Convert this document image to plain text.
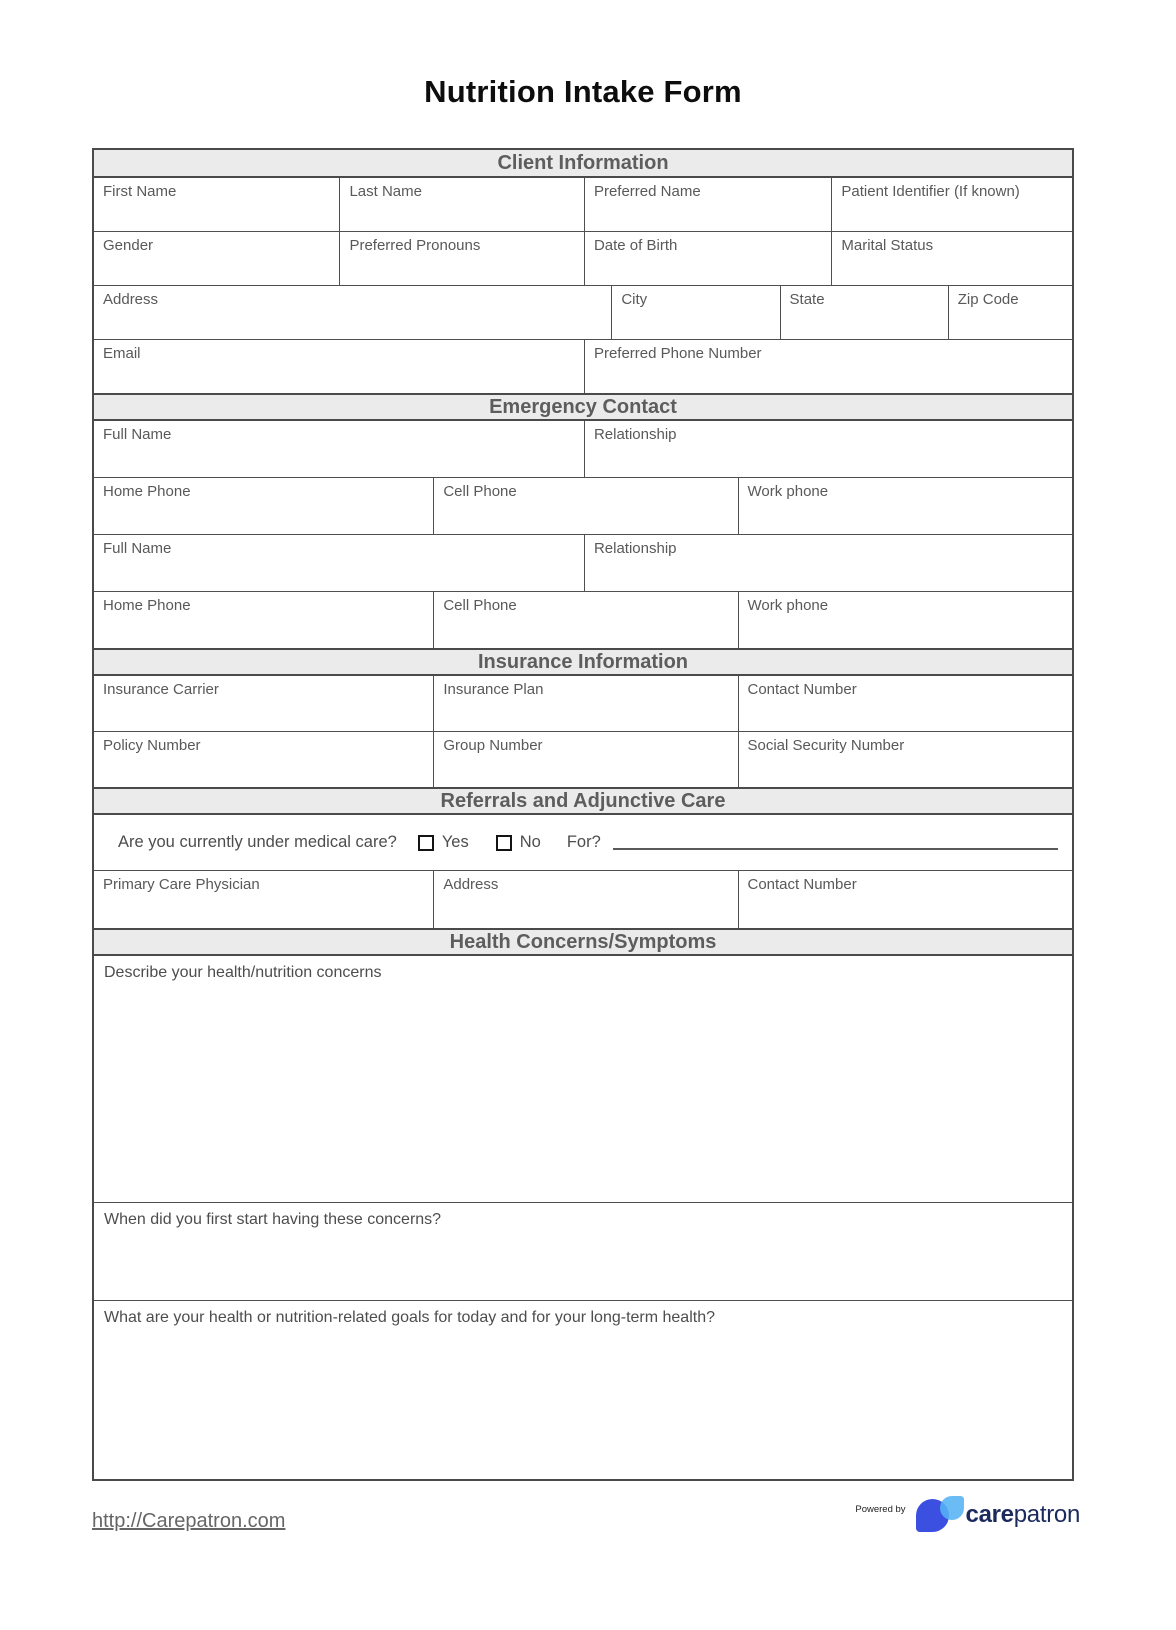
Nutrition Intake Form
Client Information
First Name	Last Name	Preferred Name	Patient Identifier (If known)
Gender	Preferred Pronouns	Date of Birth	Marital Status
Address	City	State	Zip Code
Email	Preferred Phone Number
Emergency Contact
Full Name	Relationship
Home Phone	Cell Phone	Work phone
Full Name	Relationship
Home Phone	Cell Phone	Work phone
Insurance Information
Insurance Carrier	Insurance Plan	Contact Number
Policy Number	Group Number	Social Security Number
Referrals and Adjunctive Care
Are you currently under medical care?	Yes	No For?
Primary Care Physician	Address	Contact Number
Health Concerns/Symptoms
Describe your health/nutrition concerns
When did you first start having these concerns?
What are your health or nutrition-related goals for today and for your long-term health?
http://Carepatron.com
Powered by	carepatron
